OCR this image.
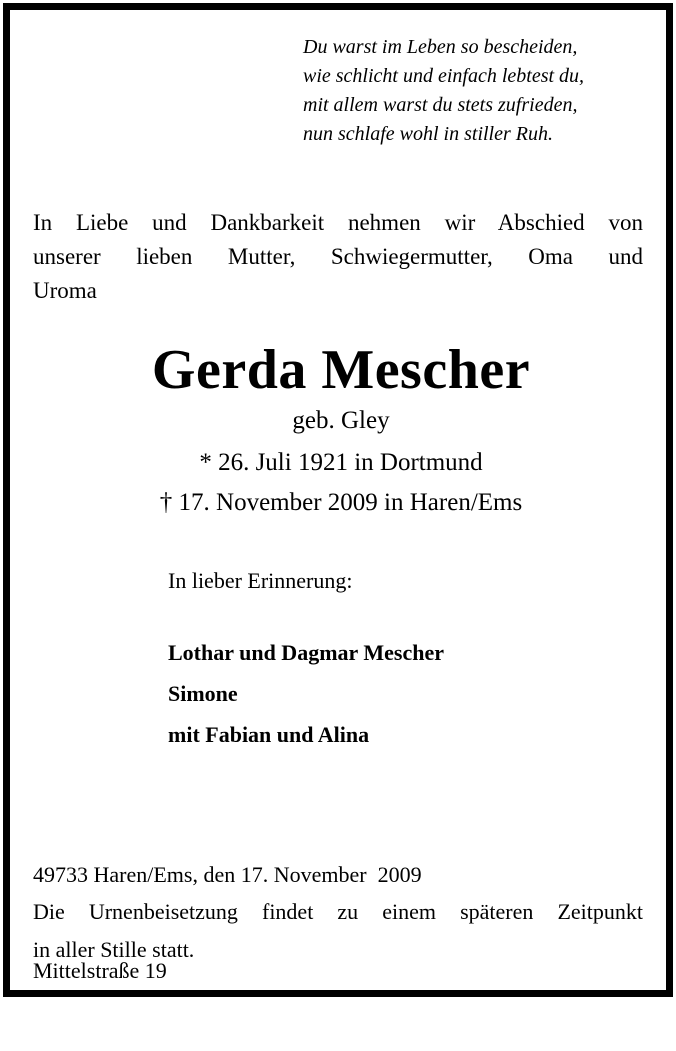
Du warst im Leben so bescheiden,
wie schlicht und einfach lebtest du,
mit allem warst du stets zufrieden,
nun schlafe wohl in stiller Ruh.
In Liebe und Dankbarkeit nehmen wir Abschied von
unserer lieben Mutter, Schwiegermutter, Oma und
Uroma
Gerda Mescher
geb. Gley
* 26. Juli 1921 in Dortmund
† 17. November 2009 in Haren/Ems
In lieber Erinnerung:
Lothar und Dagmar Mescher
Simone
mit Fabian und Alina

49733 Haren/Ems, den 17. November  2009

Mittelstraße 19

Die Urnenbeisetzung findet zu einem späteren Zeitpunkt
in aller Stille statt.
